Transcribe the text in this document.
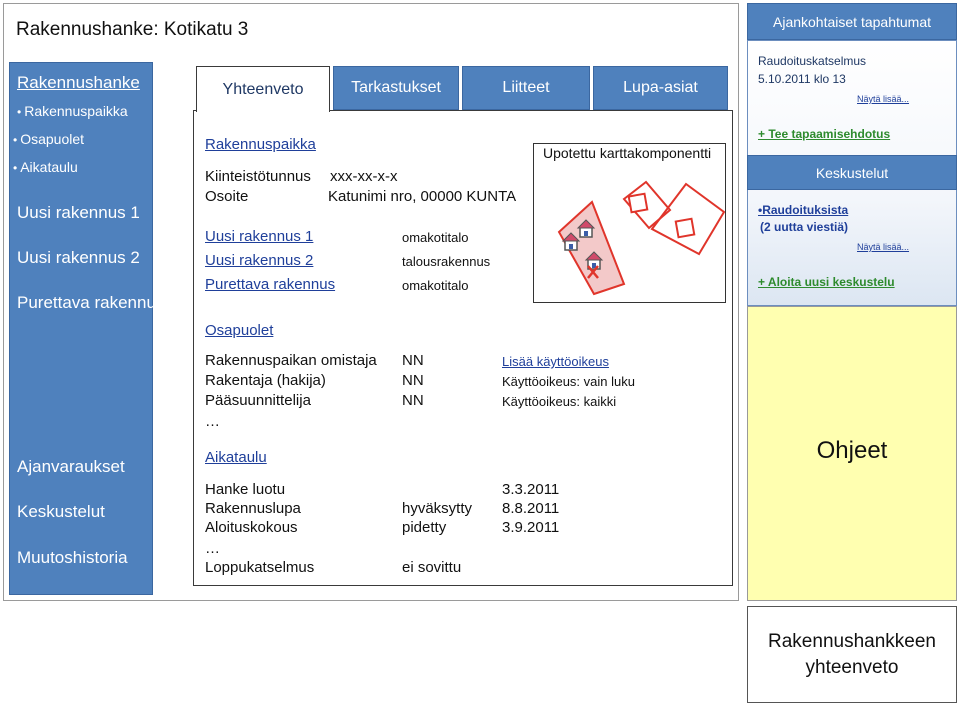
Rakennushanke: Kotikatu 3
Rakennushanke
• Rakennuspaikka
• Osapuolet
• Aikataulu
Uusi rakennus 1
Uusi rakennus 2
Purettava rakennus
Ajanvaraukset
Keskustelut
Muutoshistoria
Yhteenveto	Tarkastukset	Liitteet	Lupa-asiat
Rakennuspaikka
Kiinteistötunnus xxx-xx-x-x
Osoite	Katunimi nro, 00000 KUNTA
Uusi rakennus 1	omakotitalo
Uusi rakennus 2	talousrakennus
Purettava rakennus	omakotitalo
Upotettu karttakomponentti
Osapuolet
Rakennuspaikan omistaja NN	Lisää käyttöoikeus
Rakentaja (hakija)	NN	Käyttöoikeus: vain luku
Pääsuunnittelija	NN	Käyttöoikeus: kaikki
…
Aikataulu
Hanke luotu	3.3.2011
Rakennuslupa	hyväksytty 8.8.2011
Aloituskokous	pidetty	3.9.2011
…
Loppukatselmus	ei sovittu
Ajankohtaiset tapahtumat
Raudoituskatselmus
5.10.2011 klo 13
Näytä lisää...
+ Tee tapaamisehdotus
Keskustelut
•Raudoituksista
(2 uutta viestiä)
Näytä lisää...
+ Aloita uusi keskustelu
Ohjeet
Rakennushankkeen
yhteenveto
